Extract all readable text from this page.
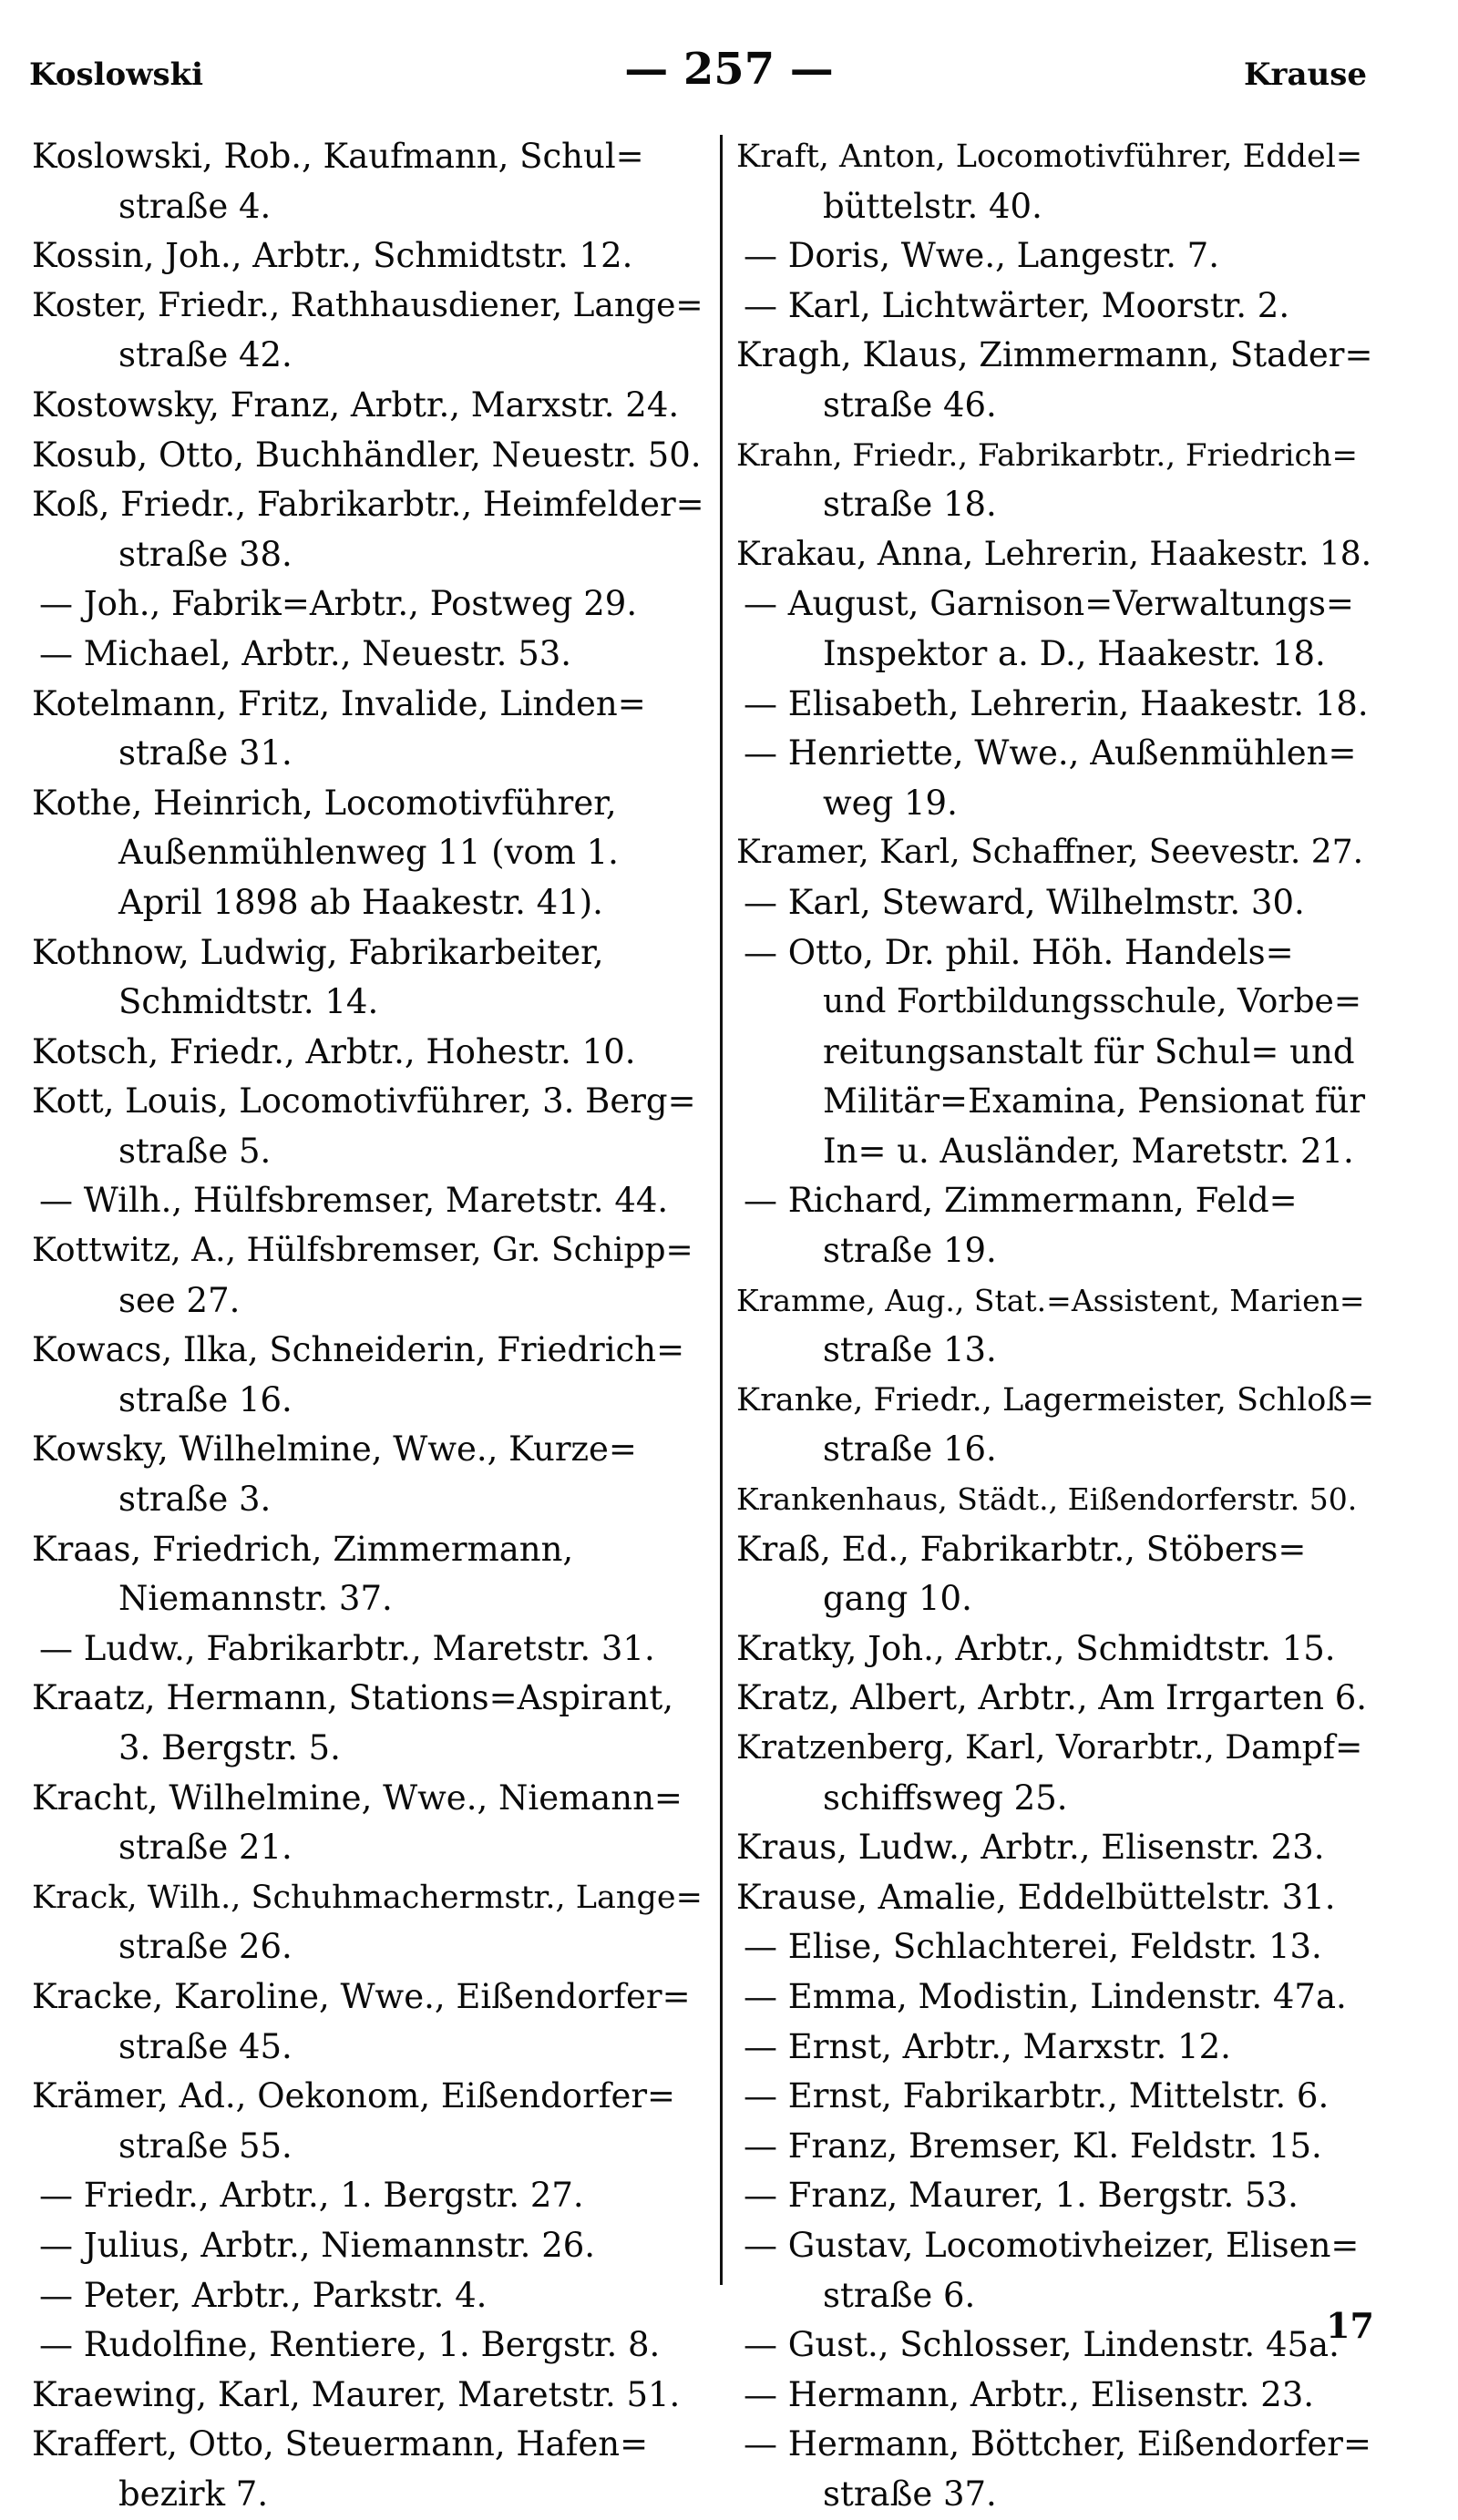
Koslowski	— 257 —	Krause
Koslowski, Rob., Kaufmann, Schul=
straße 4.
Kossin, Joh., Arbtr., Schmidtstr. 12.
Koster, Friedr., Rathhausdiener, Lange=
straße 42.
Kostowsky, Franz, Arbtr., Marxstr. 24.
Kosub, Otto, Buchhändler, Neuestr. 50.
Koß, Friedr., Fabrikarbtr., Heimfelder=
straße 38.
— Joh., Fabrik=Arbtr., Postweg 29.
— Michael, Arbtr., Neuestr. 53.
Kotelmann, Fritz, Invalide, Linden=
straße 31.
Kothe, Heinrich, Locomotivführer,
Außenmühlenweg 11 (vom 1.
April 1898 ab Haakestr. 41).
Kothnow, Ludwig, Fabrikarbeiter,
Schmidtstr. 14.
Kotsch, Friedr., Arbtr., Hohestr. 10.
Kott, Louis, Locomotivführer, 3. Berg=
straße 5.
— Wilh., Hülfsbremser, Maretstr. 44.
Kottwitz, A., Hülfsbremser, Gr. Schipp=
see 27.
Kowacs, Ilka, Schneiderin, Friedrich=
straße 16.
Kowsky, Wilhelmine, Wwe., Kurze=
straße 3.
Kraas, Friedrich, Zimmermann,
Niemannstr. 37.
— Ludw., Fabrikarbtr., Maretstr. 31.
Kraatz, Hermann, Stations=Aspirant,
3. Bergstr. 5.
Kracht, Wilhelmine, Wwe., Niemann=
straße 21.
Krack, Wilh., Schuhmachermstr., Lange=
straße 26.
Kracke, Karoline, Wwe., Eißendorfer=
straße 45.
Krämer, Ad., Oekonom, Eißendorfer=
straße 55.
— Friedr., Arbtr., 1. Bergstr. 27.
— Julius, Arbtr., Niemannstr. 26.
— Peter, Arbtr., Parkstr. 4.
— Rudolfine, Rentiere, 1. Bergstr. 8.
Kraewing, Karl, Maurer, Maretstr. 51.
Kraffert, Otto, Steuermann, Hafen=
bezirk 7.
Kraft, Anton, Locomotivführer, Eddel=
büttelstr. 40.
— Doris, Wwe., Langestr. 7.
— Karl, Lichtwärter, Moorstr. 2.
Kragh, Klaus, Zimmermann, Stader=
straße 46.
Krahn, Friedr., Fabrikarbtr., Friedrich=
straße 18.
Krakau, Anna, Lehrerin, Haakestr. 18.
— August, Garnison=Verwaltungs=
Inspektor a. D., Haakestr. 18.
— Elisabeth, Lehrerin, Haakestr. 18.
— Henriette, Wwe., Außenmühlen=
weg 19.
Kramer, Karl, Schaffner, Seevestr. 27.
— Karl, Steward, Wilhelmstr. 30.
— Otto, Dr. phil. Höh. Handels=
und Fortbildungsschule, Vorbe=
reitungsanstalt für Schul= und
Militär=Examina, Pensionat für
In= u. Ausländer, Maretstr. 21.
— Richard, Zimmermann, Feld=
straße 19.
Kramme, Aug., Stat.=Assistent, Marien=
straße 13.
Kranke, Friedr., Lagermeister, Schloß=
straße 16.
Krankenhaus, Städt., Eißendorferstr. 50.
Kraß, Ed., Fabrikarbtr., Stöbers=
gang 10.
Kratky, Joh., Arbtr., Schmidtstr. 15.
Kratz, Albert, Arbtr., Am Irrgarten 6.
Kratzenberg, Karl, Vorarbtr., Dampf=
schiffsweg 25.
Kraus, Ludw., Arbtr., Elisenstr. 23.
Krause, Amalie, Eddelbüttelstr. 31.
— Elise, Schlachterei, Feldstr. 13.
— Emma, Modistin, Lindenstr. 47a.
— Ernst, Arbtr., Marxstr. 12.
— Ernst, Fabrikarbtr., Mittelstr. 6.
— Franz, Bremser, Kl. Feldstr. 15.
— Franz, Maurer, 1. Bergstr. 53.
— Gustav, Locomotivheizer, Elisen=
straße 6.
— Gust., Schlosser, Lindenstr. 45a.
— Hermann, Arbtr., Elisenstr. 23.
— Hermann, Böttcher, Eißendorfer=
straße 37.
17
